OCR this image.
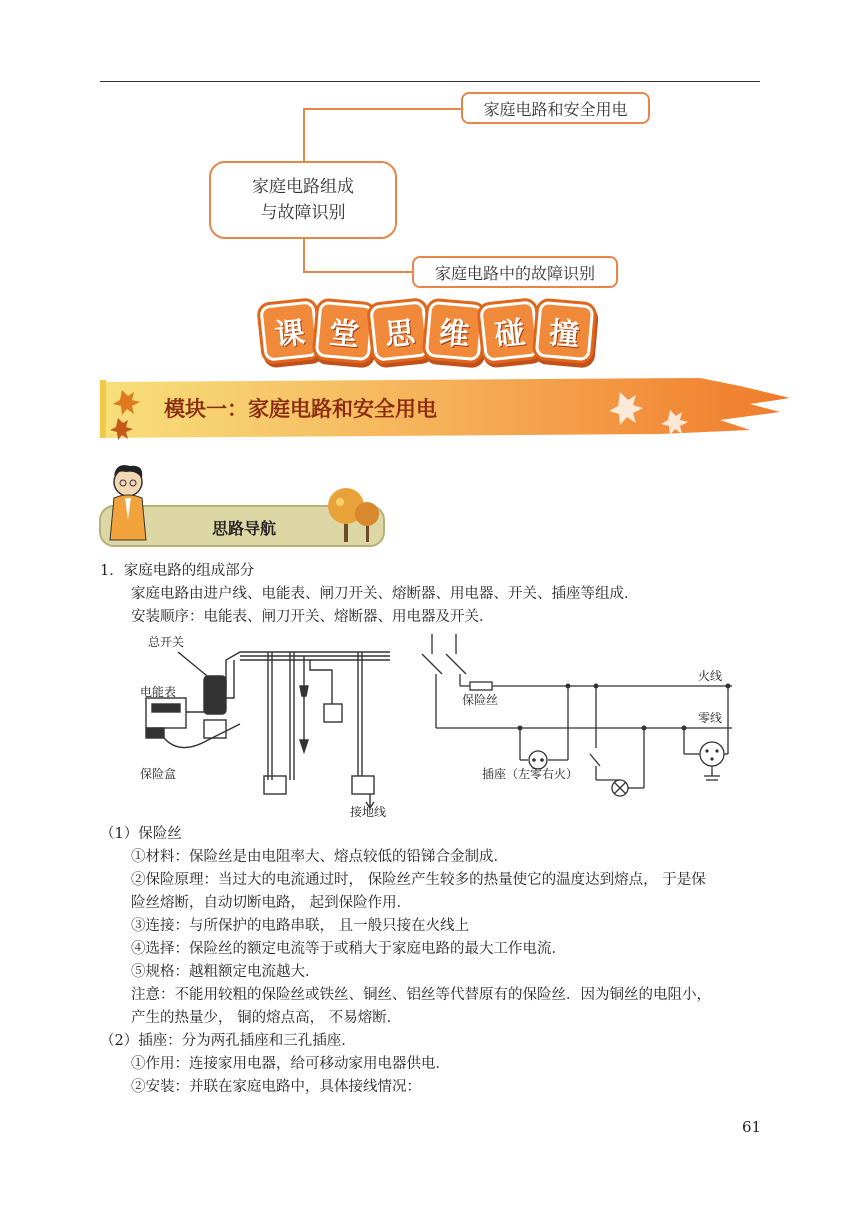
家庭电路组成
与故障识别
家庭电路和安全用电
家庭电路中的故障识别
课 堂 思 维 碰 撞
模块一：家庭电路和安全用电
思路导航
1．家庭电路的组成部分
家庭电路由进户线、电能表、闸刀开关、熔断器、用电器、开关、插座等组成．
安装顺序：电能表、闸刀开关、熔断器、用电器及开关．
总开关
电能表
保险盒
接地线
保险丝
火线
零线
插座（左零右火）
（1）保险丝
①材料：保险丝是由电阻率大、熔点较低的铅锑合金制成．
②保险原理：当过大的电流通过时， 保险丝产生较多的热量使它的温度达到熔点， 于是保
险丝熔断，自动切断电路， 起到保险作用．
③连接：与所保护的电路串联， 且一般只接在火线上
④选择：保险丝的额定电流等于或稍大于家庭电路的最大工作电流．
⑤规格：越粗额定电流越大．
注意：不能用较粗的保险丝或铁丝、铜丝、铝丝等代替原有的保险丝．因为铜丝的电阻小，
产生的热量少， 铜的熔点高， 不易熔断．
（2）插座：分为两孔插座和三孔插座．
①作用：连接家用电器，给可移动家用电器供电．
②安装：并联在家庭电路中，具体接线情况：
61
